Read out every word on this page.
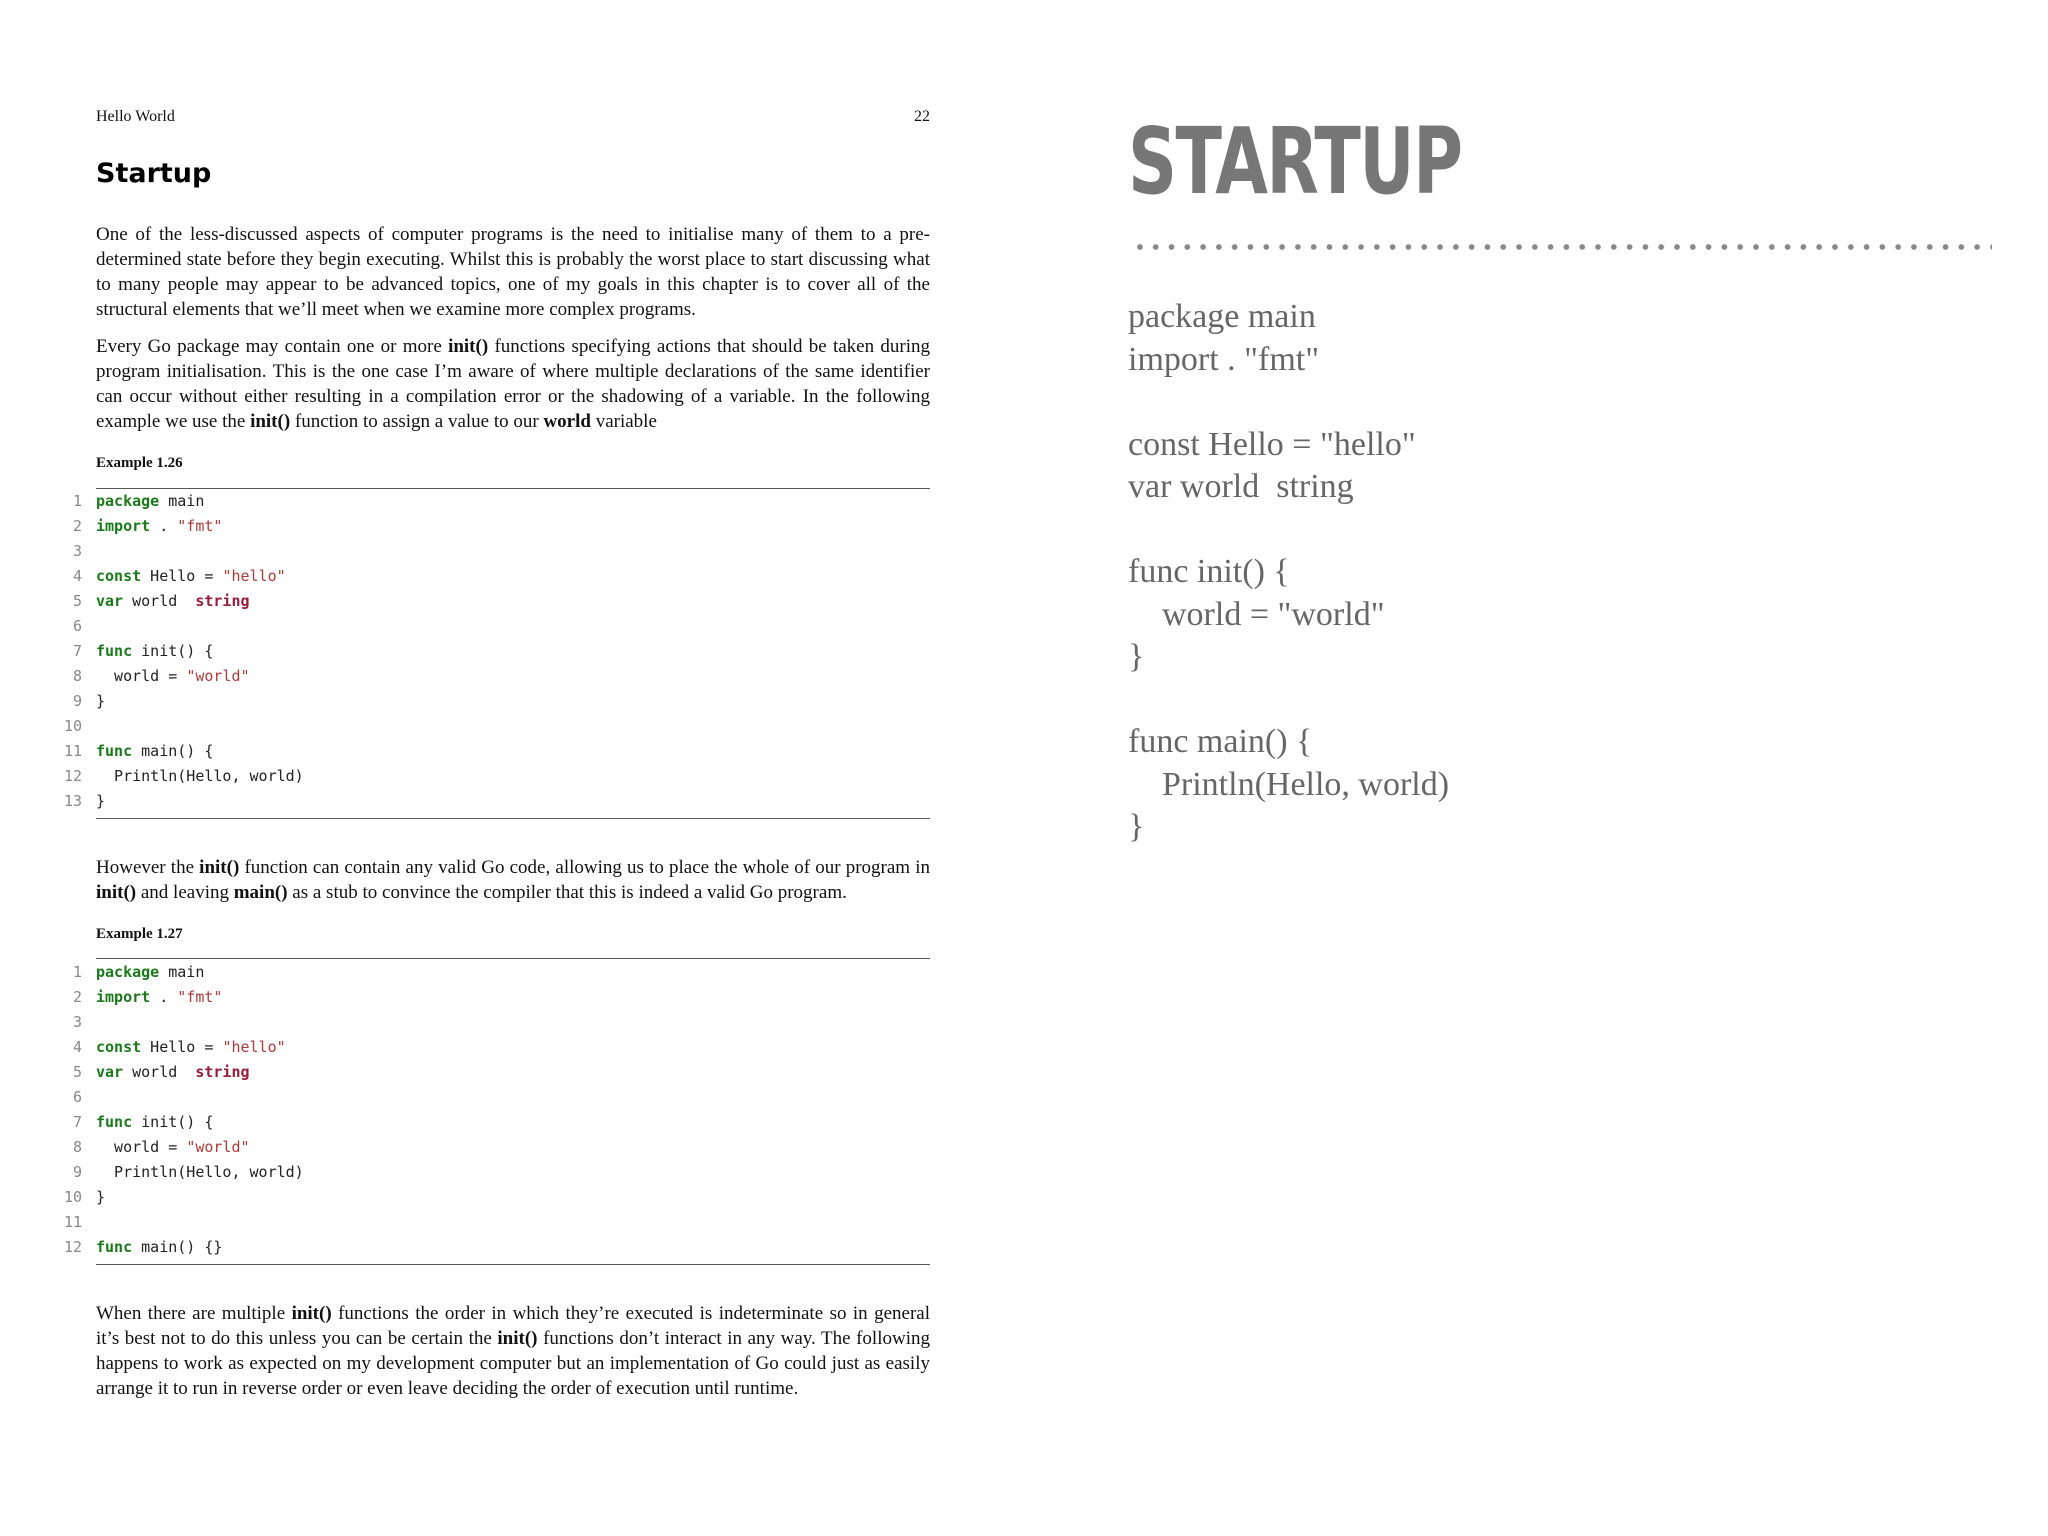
Hello World	22
Startup

One of the less-discussed aspects of computer programs is the need to initialise many of them to a pre-determined state before they begin executing. Whilst this is probably the worst place to start discussing what to many people may appear to be advanced topics, one of my goals in this chapter is to cover all of the structural elements that we’ll meet when we examine more complex programs.

Every Go package may contain one or more init() functions specifying actions that should be taken during program initialisation. This is the one case I’m aware of where multiple declarations of the same identifier can occur without either resulting in a compilation error or the shadowing of a variable. In the following example we use the init() function to assign a value to our world variable

Example 1.26
1 package main
2 import . "fmt"
3
4 const Hello = "hello"
5 var world  string
6
7 func init() {
8  world = "world"
9 }
10
11 func main() {
12  Println(Hello, world)
13 }

However the init() function can contain any valid Go code, allowing us to place the whole of our program in init() and leaving main() as a stub to convince the compiler that this is indeed a valid Go program.

Example 1.27
1 package main
2 import . "fmt"
3
4 const Hello = "hello"
5 var world  string
6
7 func init() {
8  world = "world"
9  Println(Hello, world)
10 }
11
12 func main() {}

When there are multiple init() functions the order in which they’re executed is indeterminate so in general it’s best not to do this unless you can be certain the init() functions don’t interact in any way. The following happens to work as expected on my development computer but an implementation of Go could just as easily arrange it to run in reverse order or even leave deciding the order of execution until runtime.

STARTUP
package main
import . "fmt"
const Hello = "hello"
var world  string
func init() {
world = "world"
}
func main() {
Println(Hello, world)
}
